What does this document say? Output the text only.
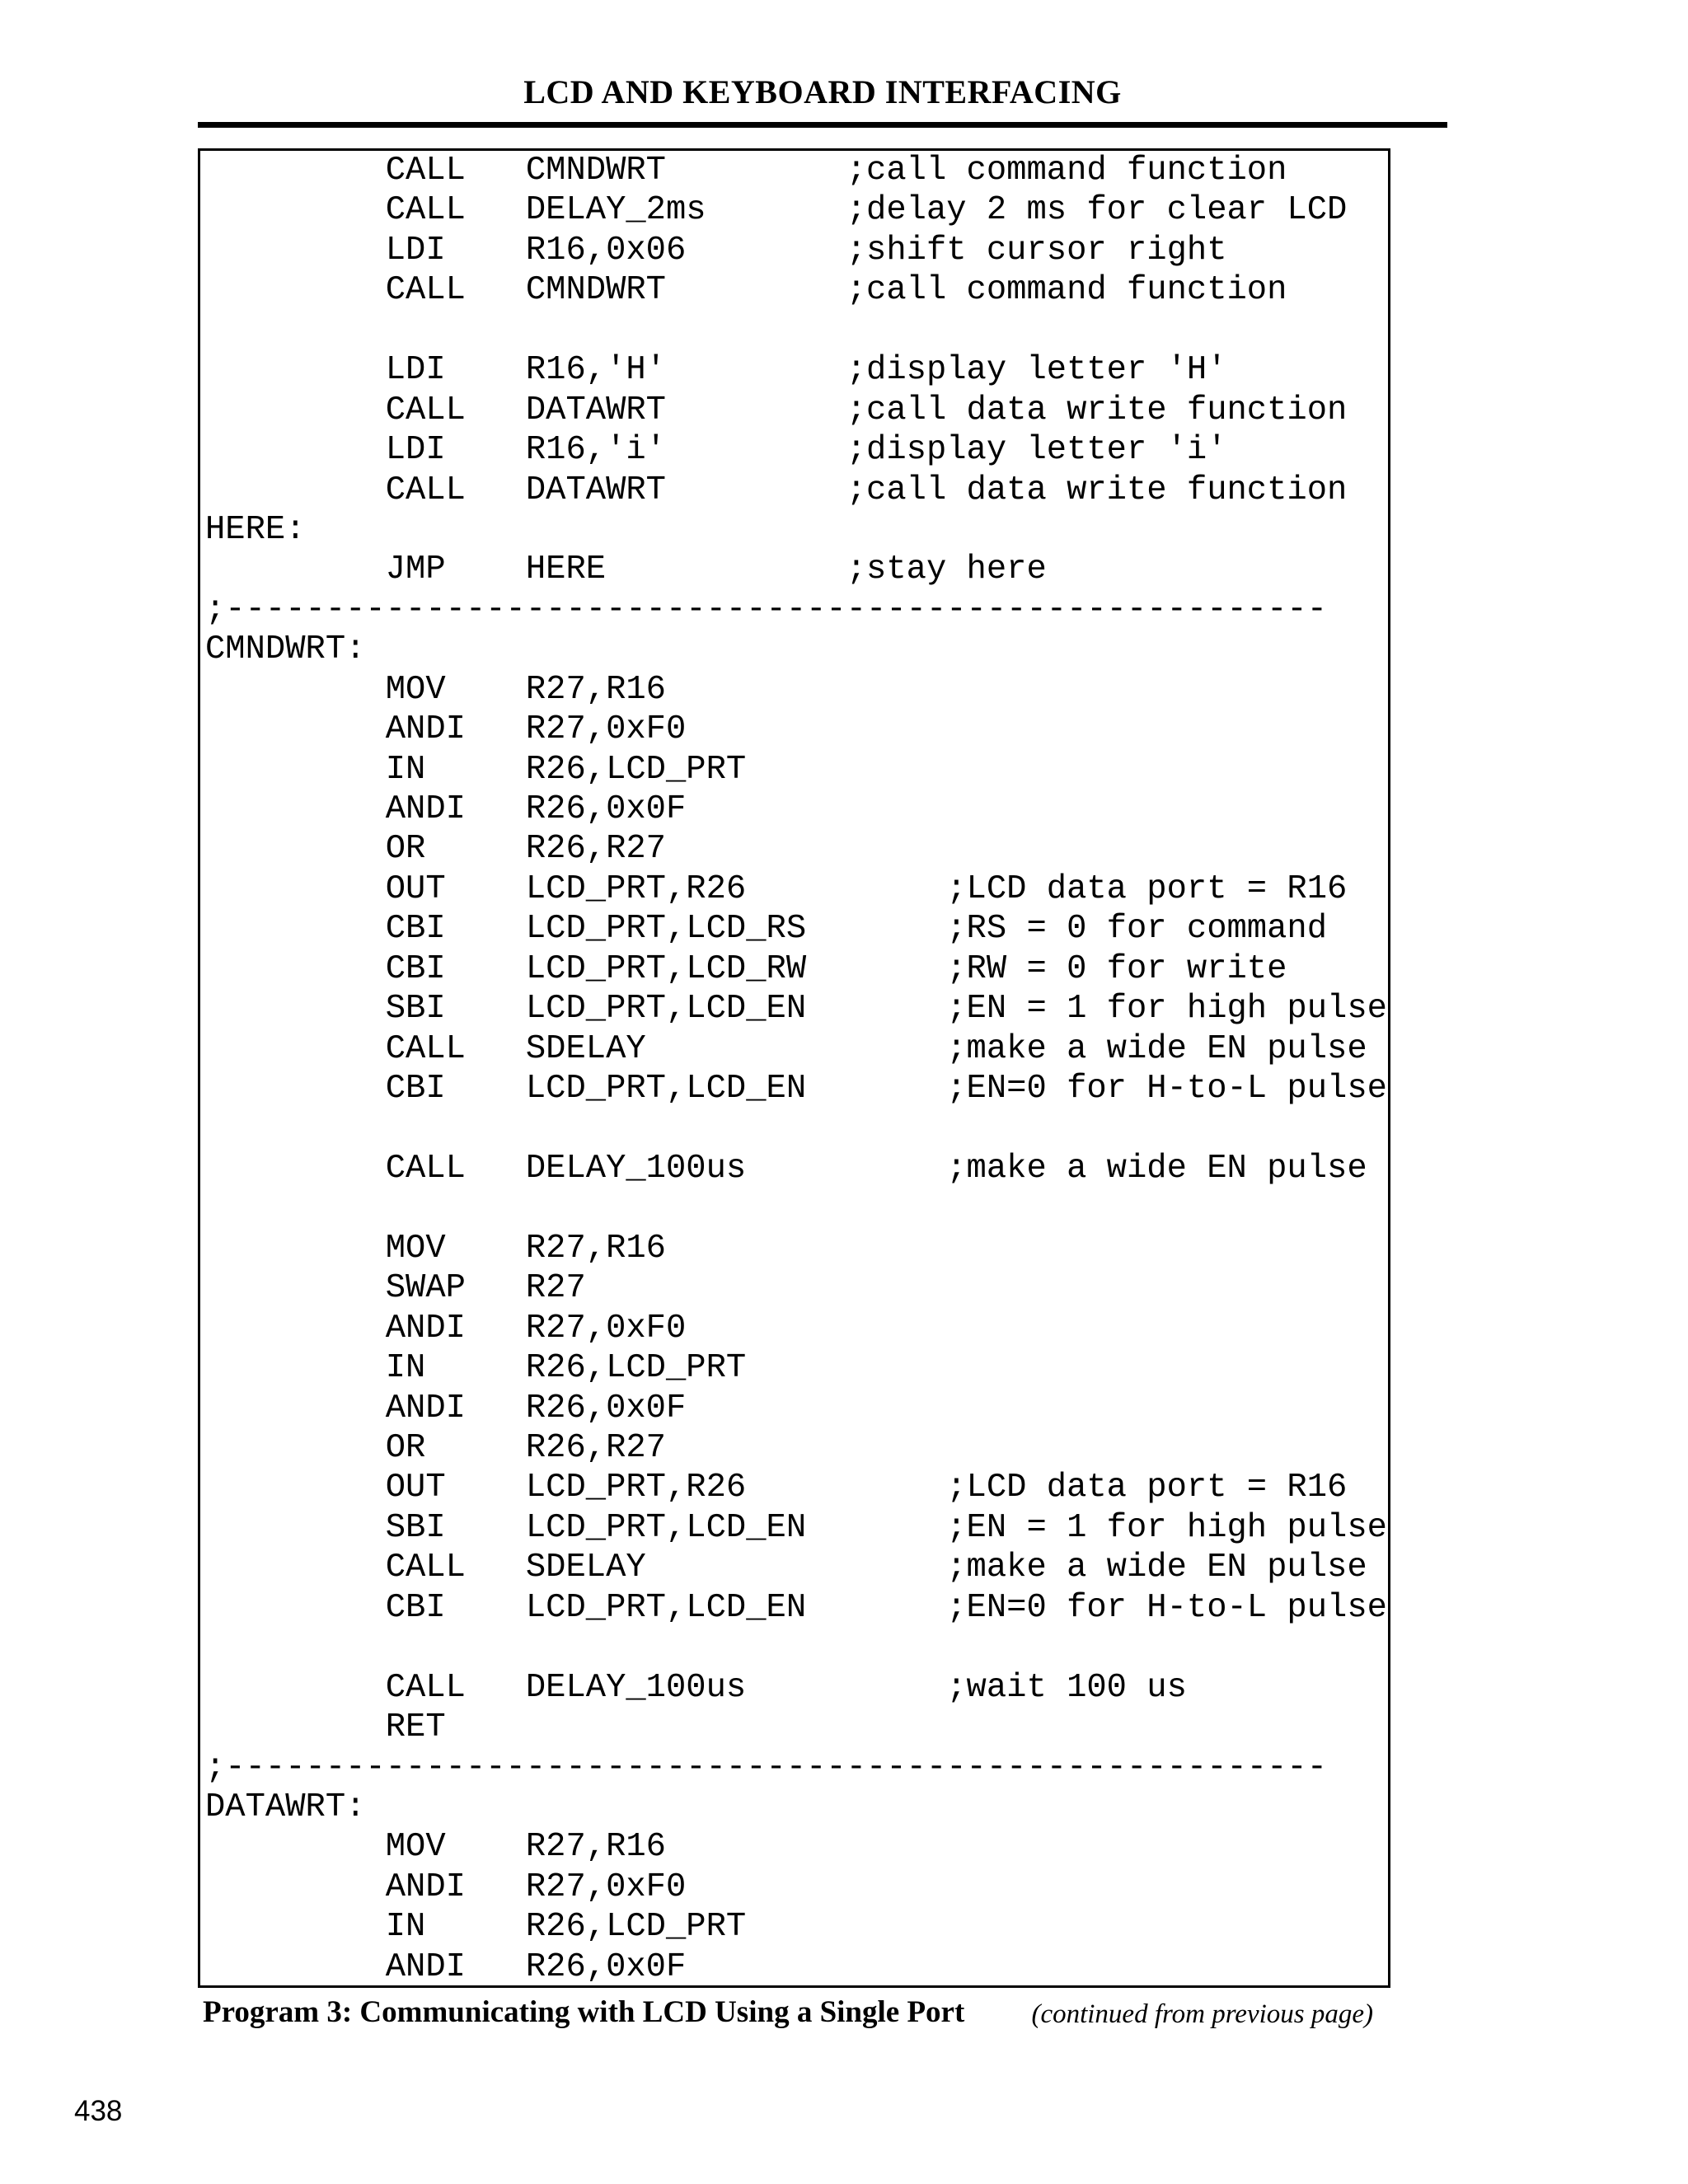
LCD AND KEYBOARD INTERFACING
CALL   CMNDWRT         ;call command function
CALL   DELAY_2ms       ;delay 2 ms for clear LCD
LDI    R16,0x06        ;shift cursor right
CALL   CMNDWRT         ;call command function
LDI    R16,'H'         ;display letter 'H'
CALL   DATAWRT         ;call data write function
LDI    R16,'i'         ;display letter 'i'
CALL   DATAWRT         ;call data write function
HERE:
JMP    HERE            ;stay here
;-------------------------------------------------------
CMNDWRT:
MOV    R27,R16
ANDI   R27,0xF0
IN     R26,LCD_PRT
ANDI   R26,0x0F
OR     R26,R27
OUT    LCD_PRT,R26          ;LCD data port = R16
CBI    LCD_PRT,LCD_RS       ;RS = 0 for command
CBI    LCD_PRT,LCD_RW       ;RW = 0 for write
SBI    LCD_PRT,LCD_EN       ;EN = 1 for high pulse
CALL   SDELAY               ;make a wide EN pulse
CBI    LCD_PRT,LCD_EN       ;EN=0 for H-to-L pulse
CALL   DELAY_100us          ;make a wide EN pulse
MOV    R27,R16
SWAP   R27
ANDI   R27,0xF0
IN     R26,LCD_PRT
ANDI   R26,0x0F
OR     R26,R27
OUT    LCD_PRT,R26          ;LCD data port = R16
SBI    LCD_PRT,LCD_EN       ;EN = 1 for high pulse
CALL   SDELAY               ;make a wide EN pulse
CBI    LCD_PRT,LCD_EN       ;EN=0 for H-to-L pulse
CALL   DELAY_100us          ;wait 100 us
RET
;-------------------------------------------------------
DATAWRT:
MOV    R27,R16
ANDI   R27,0xF0
IN     R26,LCD_PRT
ANDI   R26,0x0F
Program 3: Communicating with LCD Using a Single Port (continued from previous page)
438
